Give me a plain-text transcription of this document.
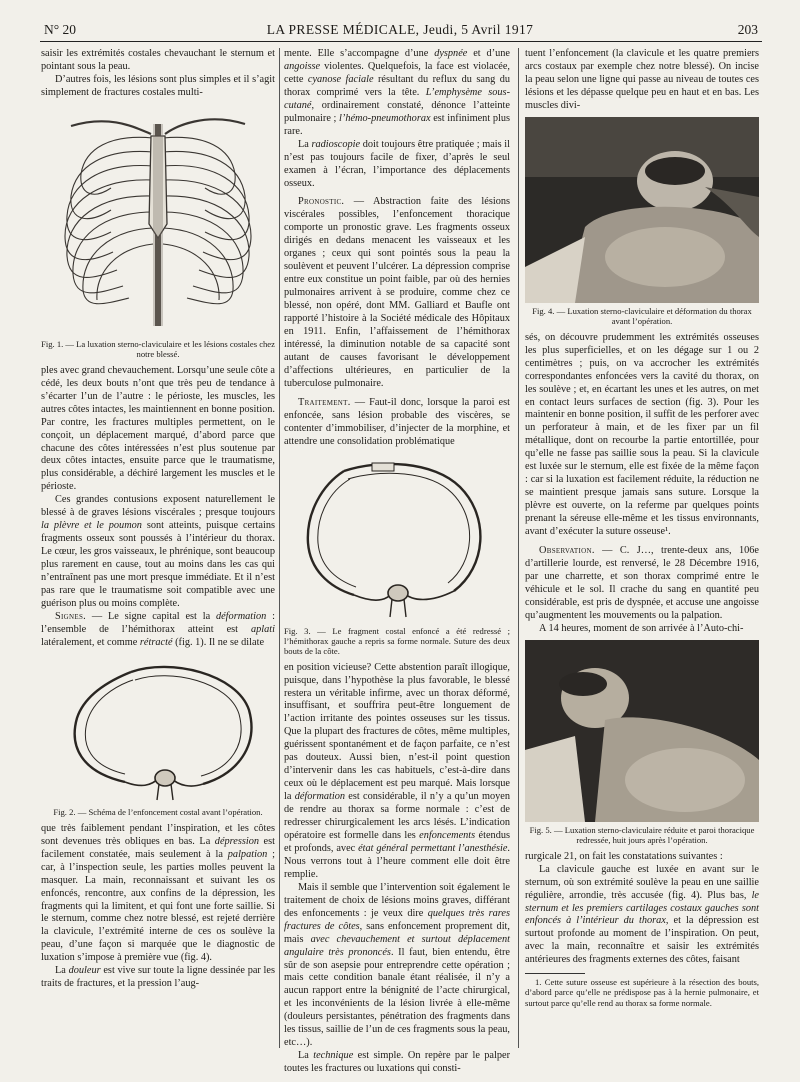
N° 20	LA PRESSE MÉDICALE, Jeudi, 5 Avril 1917	203

saisir les extrémités costales chevauchant le sternum et pointant sous la peau.

D’autres fois, les lésions sont plus simples et il s’agit simplement de fractures costales multi-

Fig. 1. — La luxation sterno-claviculaire et les lésions costales chez notre blessé.

ples avec grand chevauchement. Lorsqu’une seule côte a cédé, les deux bouts n’ont que très peu de tendance à s’écarter l’un de l’autre : le périoste, les muscles, les autres côtes intactes, les maintiennent en bonne position. Par contre, les fractures multiples permettent, on le conçoit, un déplacement marqué, d’abord parce que chacune des côtes intéressées n’est plus soutenue par deux côtes intactes, ensuite parce que le traumatisme, plus considérable, a déchiré largement les muscles et le périoste.

Ces grandes contusions exposent naturellement le blessé à de graves lésions viscérales ; presque toujours la plèvre et le poumon sont atteints, puisque certains fragments osseux sont poussés à l’intérieur du thorax. Le cœur, les gros vaisseaux, le phrénique, sont beaucoup plus rarement en cause, tout au moins dans les cas qui n’entraînent pas une mort presque immédiate. Et il n’est pas rare que le traumatisme soit compatible avec une guérison plus ou moins complète.

Signes. — Le signe capital est la déformation : l’ensemble de l’hémithorax atteint est aplati latéralement, et comme rétracté (fig. 1). Il ne se dilate

Fig. 2. — Schéma de l’enfoncement costal avant l’opération.

que très faiblement pendant l’inspiration, et les côtes sont devenues très obliques en bas. La dépression est facilement constatée, mais seulement à la palpation ; car, à l’inspection seule, les parties molles peuvent la masquer. La main, reconnaissant et suivant les os enfoncés, rencontre, aux confins de la dépression, les fragments qui la limitent, et qui font une forte saillie. Si le sternum, comme chez notre blessé, est rejeté derrière la clavicule, l’extrémité interne de ces os soulève la peau, d’une façon si marquée que le diagnostic de luxation s’impose à première vue (fig. 4).

La douleur est vive sur toute la ligne dessinée par les traits de fractures, et la pression l’aug-

mente. Elle s’accompagne d’une dyspnée et d’une angoisse violentes. Quelquefois, la face est violacée, cette cyanose faciale résultant du reflux du sang du thorax comprimé vers la tête. L’emphysème sous-cutané, ordinairement constaté, dénonce l’atteinte pulmonaire ; l’hémo-pneumothorax est infiniment plus rare.

La radioscopie doit toujours être pratiquée ; mais il n’est pas toujours facile de fixer, d’après le seul examen à l’écran, l’importance des déplacements osseux.

Pronostic. — Abstraction faite des lésions viscérales possibles, l’enfoncement thoracique comporte un pronostic grave. Les fragments osseux dirigés en dedans menacent les vaisseaux et les organes ; ceux qui sont pointés sous la peau la soulèvent et peuvent l’ulcérer. La dépression comprise entre eux constitue un point faible, par où des hernies pulmonaires arrivent à se produire, comme chez ce blessé, non opéré, dont MM. Galliard et Baufle ont rapporté l’histoire à la Société médicale des Hôpitaux en 1911. Enfin, l’affaissement de l’hémithorax intéressé, la diminution notable de sa capacité sont autant de causes favorisant le développement d’affections ultérieures, en particulier de la tuberculose pulmonaire.

Traitement. — Faut-il donc, lorsque la paroi est enfoncée, sans lésion probable des viscères, se contenter d’immobiliser, d’injecter de la morphine, et attendre une consolidation problématique

Fig. 3. — Le fragment costal enfoncé a été redressé ; l’hémithorax gauche a repris sa forme normale. Suture des deux bouts de la côte.

en position vicieuse? Cette abstention paraît illogique, puisque, dans l’hypothèse la plus favorable, le blessé restera un véritable infirme, avec un thorax déformé, insuffisant, et souffrira peut-être longuement de l’action irritante des pointes osseuses sur les tissus. Que la plupart des fractures de côtes, même multiples, guérissent spontanément et de façon parfaite, ce n’est pas douteux. Aussi bien, n’est-il point question d’intervenir dans les cas habituels, c’est-à-dire dans ceux où le déplacement est peu marqué. Mais lorsque la déformation est considérable, il n’y a qu’un moyen de rendre au thorax sa forme normale : c’est de redresser chirurgicalement les arcs lésés. L’indication opératoire est formelle dans les enfoncements étendus et profonds, avec état général permettant l’anesthésie. Nous verrons tout à l’heure comment elle doit être remplie.

Mais il semble que l’intervention soit également le traitement de choix de lésions moins graves, différant des enfoncements : je veux dire quelques très rares fractures de côtes, sans enfoncement proprement dit, mais avec chevauchement et surtout déplacement angulaire très prononcés. Il faut, bien entendu, être sûr de son asepsie pour entreprendre cette opération ; mais cette condition banale étant réalisée, il n’y a aucun rapport entre la bénignité de l’acte chirurgical, et les inconvénients de la lésion livrée à elle-même (douleurs persistantes, pénétration des fragments dans les tissus, saillie de l’un de ces fragments sous la peau, etc…).

La technique est simple. On repère par le palper toutes les fractures ou luxations qui consti-

tuent l’enfoncement (la clavicule et les quatre premiers arcs costaux par exemple chez notre blessé). On incise la peau selon une ligne qui passe au niveau de toutes ces lésions et les dépasse quelque peu en haut et en bas. Les muscles divi-

Fig. 4. — Luxation sterno-claviculaire et déformation du thorax avant l’opération.

sés, on découvre prudemment les extrémités osseuses les plus superficielles, et on les dégage sur 1 ou 2 centimètres ; puis, on va accrocher les extrémités correspondantes enfoncées vers la cavité du thorax, on les soulève ; et, en écartant les unes et les autres, on met en contact leurs surfaces de section (fig. 3). Pour les maintenir en bonne position, il suffit de les perforer avec un perforateur à main, et de les fixer par un fil métallique, dont on recourbe la partie entortillée, pour qu’elle ne fasse pas saillie sous la peau. Si la clavicule est luxée sur le sternum, elle est fixée de la même façon : car si la luxation est facilement réduite, la réduction ne se maintient presque jamais sans suture. Lorsque la plèvre est ouverte, on la referme par quelques points prenant la séreuse elle-même et les tissus environnants, avant d’exécuter la suture osseuse¹.

Observation. — C. J…, trente-deux ans, 106e d’artillerie lourde, est renversé, le 28 Décembre 1916, par une charrette, et son thorax comprimé entre le véhicule et le sol. Il crache du sang en quantité peu considérable, est pris de dyspnée, et accuse une angoisse qu’augmentent les mouvements ou la palpation.

A 14 heures, moment de son arrivée à l’Auto-chi-

Fig. 5. — Luxation sterno-claviculaire réduite et paroi thoracique redressée, huit jours après l’opération.

rurgicale 21, on fait les constatations suivantes :

La clavicule gauche est luxée en avant sur le sternum, où son extrémité soulève la peau en une saillie régulière, arrondie, très accusée (fig. 4). Plus bas, le sternum et les premiers cartilages costaux gauches sont enfoncés à l’intérieur du thorax, et la dépression est surtout profonde au moment de l’inspiration. On peut, avec la main, reconnaître et saisir les extrémités antérieures des fragments externes des côtes, faisant

1. Cette suture osseuse est supérieure à la résection des bouts, d’abord parce qu’elle ne prédispose pas à la hernie pulmonaire, et surtout parce qu’elle rend au thorax sa forme normale.
